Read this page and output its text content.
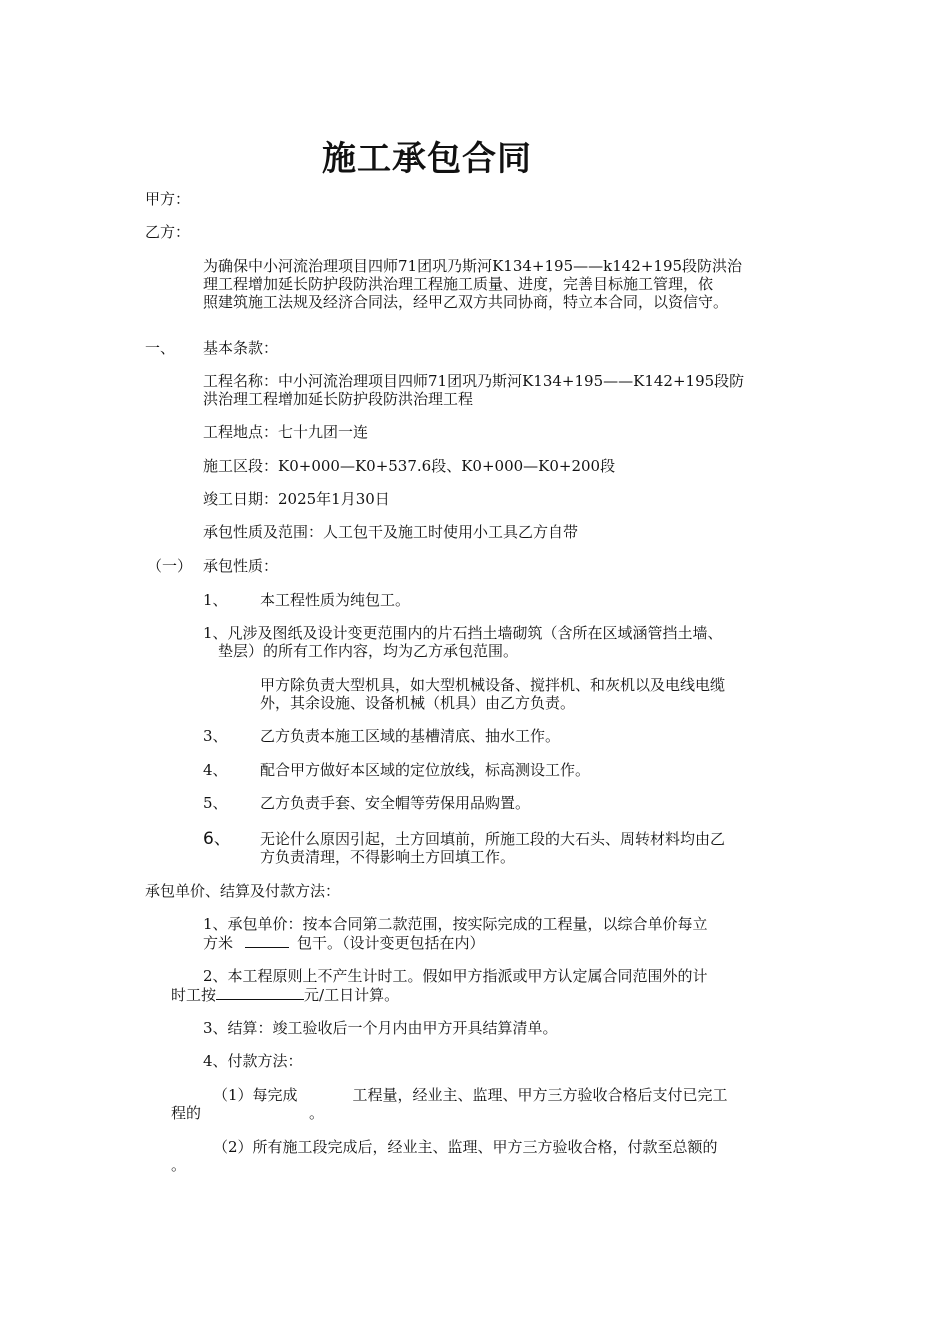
施工承包合同
甲方：
乙方：
为确保中小河流治理项目四师71团巩乃斯河K134+195——k142+195段防洪治
理工程增加延长防护段防洪治理工程施工质量、进度，完善目标施工管理，依
照建筑施工法规及经济合同法，经甲乙双方共同协商，特立本合同，以资信守。
一、 基本条款：
工程名称：中小河流治理项目四师71团巩乃斯河K134+195——K142+195段防
洪治理工程增加延长防护段防洪治理工程
工程地点：七十九团一连
施工区段：K0+000—K0+537.6段、K0+000—K0+200段
竣工日期：2025年1月30日
承包性质及范围：人工包干及施工时使用小工具乙方自带
（一） 承包性质：
1、 本工程性质为纯包工。
1、凡涉及图纸及设计变更范围内的片石挡土墙砌筑（含所在区域涵管挡土墙、
垫层）的所有工作内容，均为乙方承包范围。
甲方除负责大型机具，如大型机械设备、搅拌机、和灰机以及电线电缆
外，其余设施、设备机械（机具）由乙方负责。
3、 乙方负责本施工区域的基槽清底、抽水工作。
4、 配合甲方做好本区域的定位放线，标高测设工作。
5、 乙方负责手套、安全帽等劳保用品购置。
6、 无论什么原因引起，土方回填前，所施工段的大石头、周转材料均由乙
方负责清理，不得影响土方回填工作。
承包单价、结算及付款方法：
1、承包单价：按本合同第二款范围，按实际完成的工程量，以综合单价每立
方米	包干。（设计变更包括在内）
2、本工程原则上不产生计时工。假如甲方指派或甲方认定属合同范围外的计
时工按	元/工日计算。
3、结算：竣工验收后一个月内由甲方开具结算清单。
4、付款方法：
（1）每完成	工程量，经业主、监理、甲方三方验收合格后支付已完工
程的	。
（2）所有施工段完成后，经业主、监理、甲方三方验收合格，付款至总额的
。
